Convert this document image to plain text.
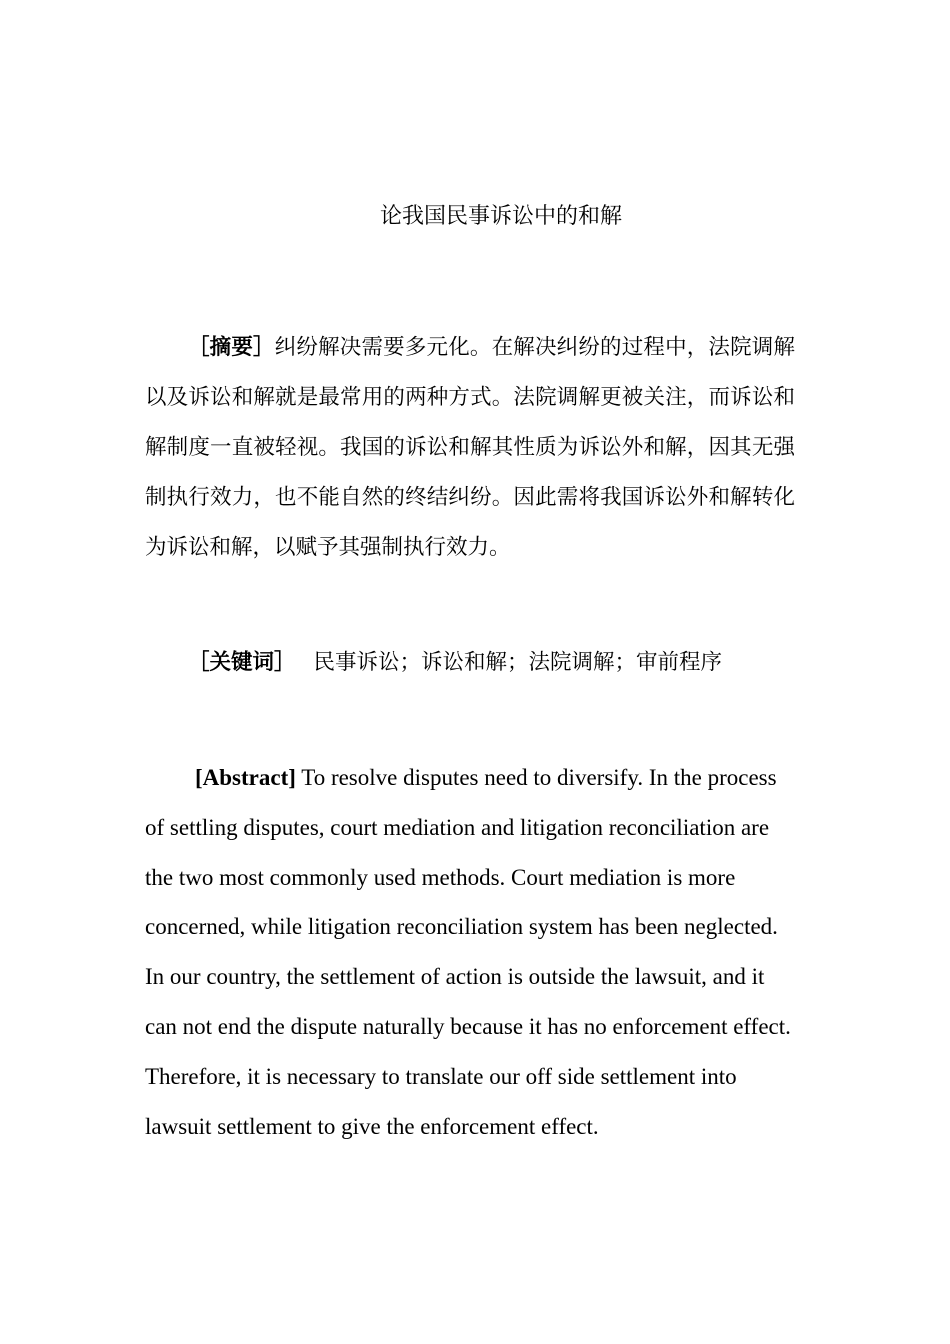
论我国民事诉讼中的和解

［摘要］纠纷解决需要多元化。在解决纠纷的过程中，法院调解以及诉讼和解就是最常用的两种方式。法院调解更被关注，而诉讼和解制度一直被轻视。我国的诉讼和解其性质为诉讼外和解，因其无强制执行效力，也不能自然的终结纠纷。因此需将我国诉讼外和解转化为诉讼和解，以赋予其强制执行效力。

［关键词］ 民事诉讼；诉讼和解；法院调解；审前程序

[Abstract] To resolve disputes need to diversify. In the process of settling disputes, court mediation and litigation reconciliation are the two most commonly used methods. Court mediation is more concerned, while litigation reconciliation system has been neglected. In our country, the settlement of action is outside the lawsuit, and it can not end the dispute naturally because it has no enforcement effect. Therefore, it is necessary to translate our off side settlement into lawsuit settlement to give the enforcement effect.
